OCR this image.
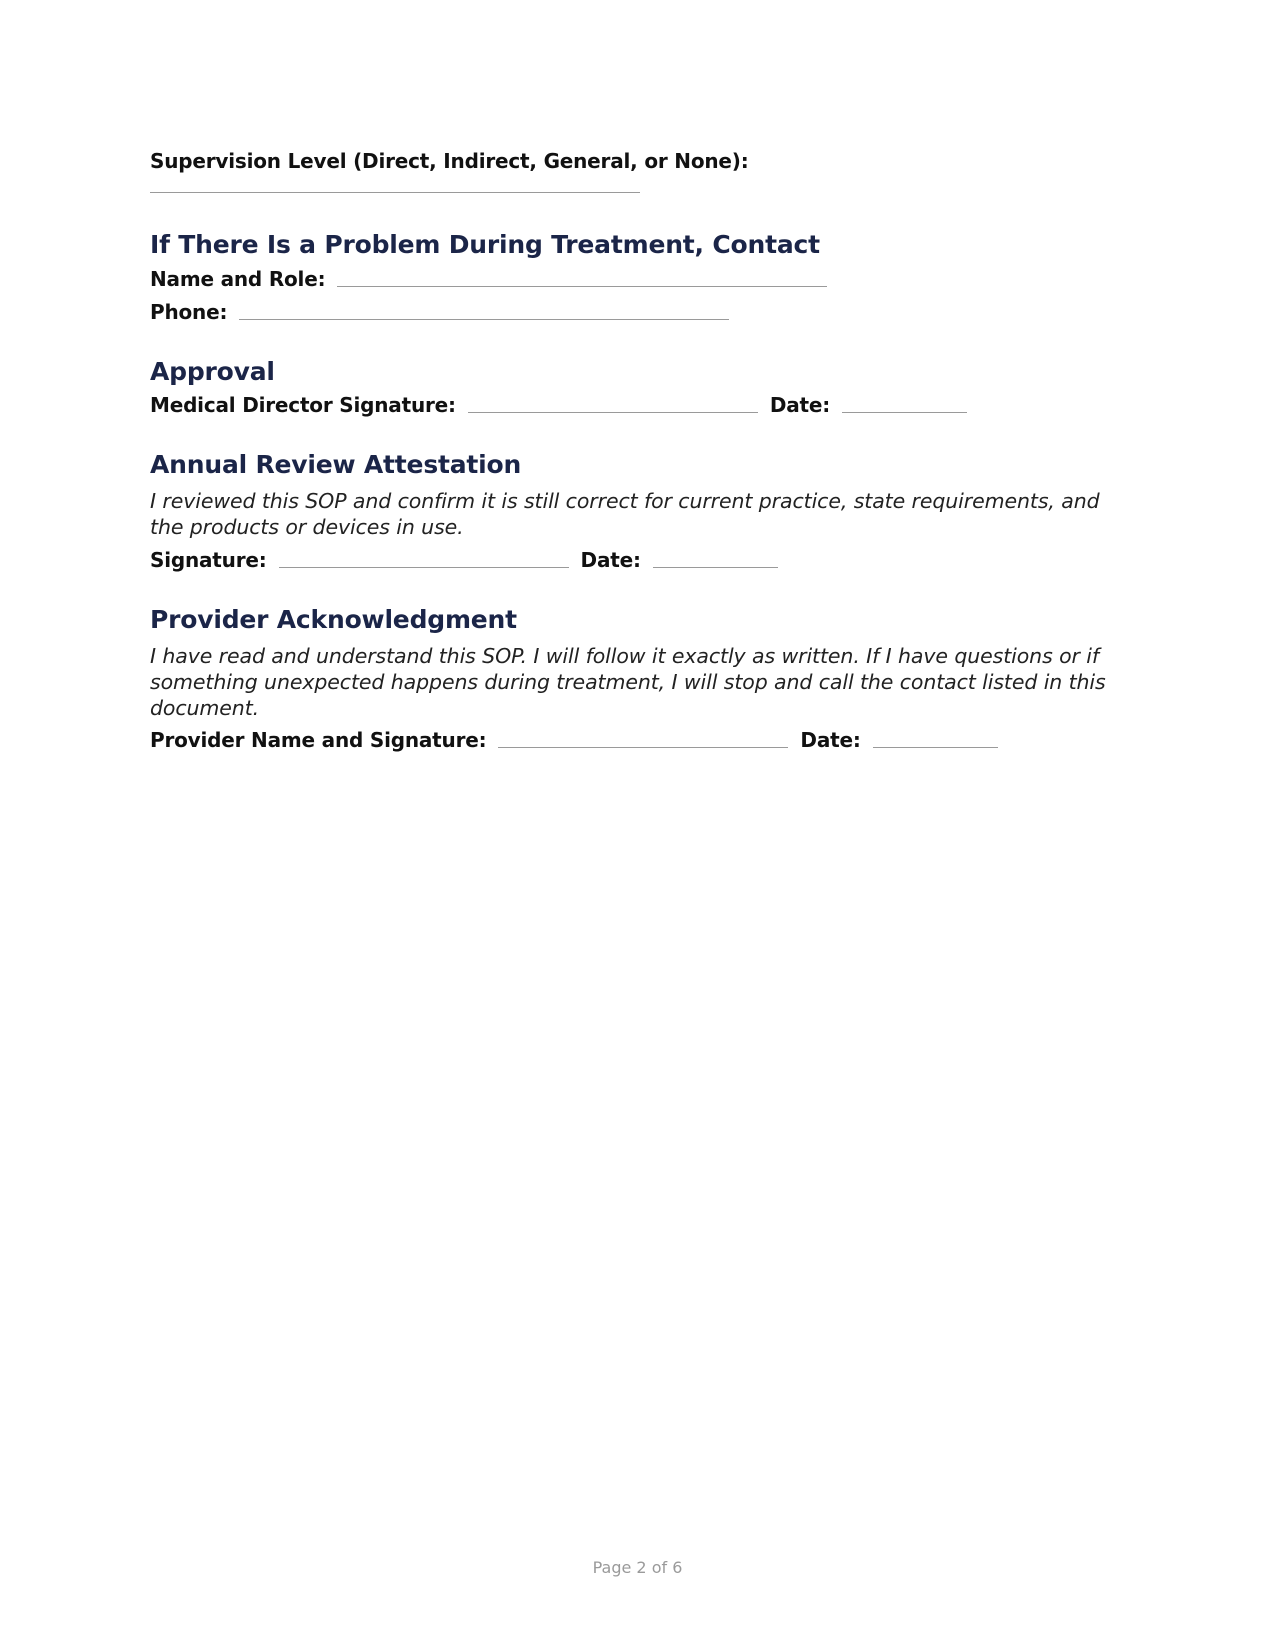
Supervision Level (Direct, Indirect, General, or None):
If There Is a Problem During Treatment, Contact
Name and Role:
Phone:
Approval
Medical Director Signature:	Date:
Annual Review Attestation
I reviewed this SOP and confirm it is still correct for current practice, state requirements, and the products or devices in use.
Signature:	Date:
Provider Acknowledgment
I have read and understand this SOP. I will follow it exactly as written. If I have questions or if something unexpected happens during treatment, I will stop and call the contact listed in this document.
Provider Name and Signature:	Date:
Page 2 of 6
